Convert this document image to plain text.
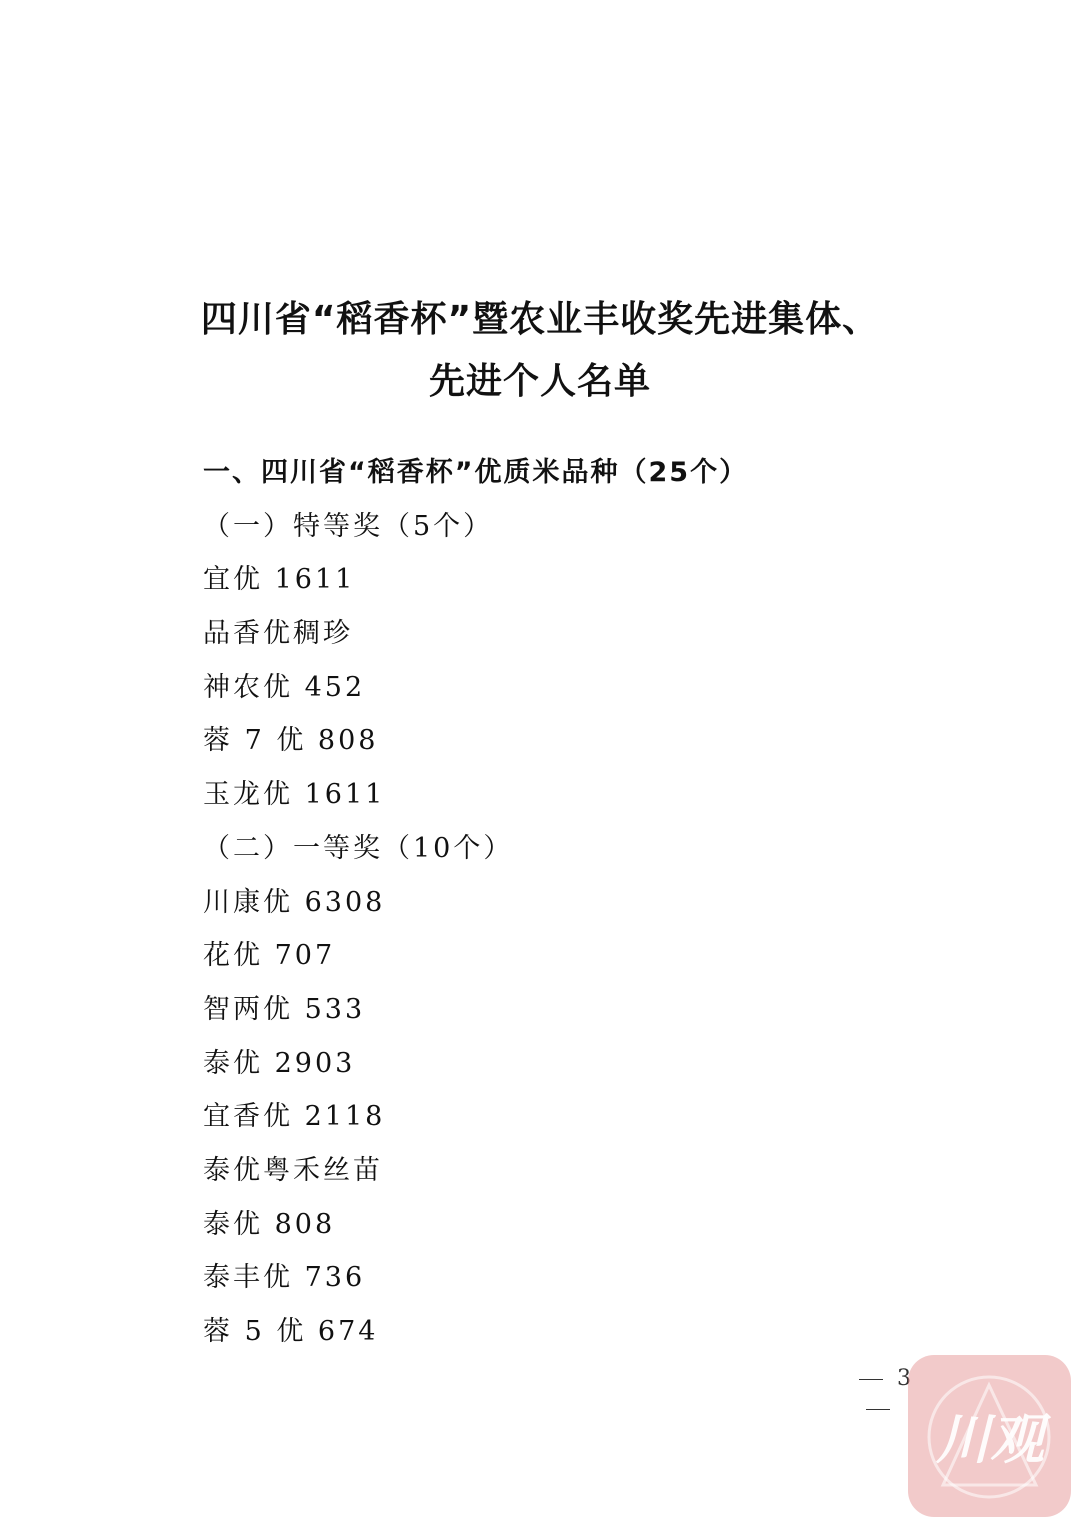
四川省“稻香杯”暨农业丰收奖先进集体、
先进个人名单
一、四川省“稻香杯”优质米品种（25个）
（一）特等奖（5个）
宜优 1611
品香优稠珍
神农优 452
蓉 7 优 808
玉龙优 1611
（二）一等奖（10个）
川康优 6308
花优 707
智两优 533
泰优 2903
宜香优 2118
泰优粤禾丝苗
泰优 808
泰丰优 736
蓉 5 优 674
3
川观
